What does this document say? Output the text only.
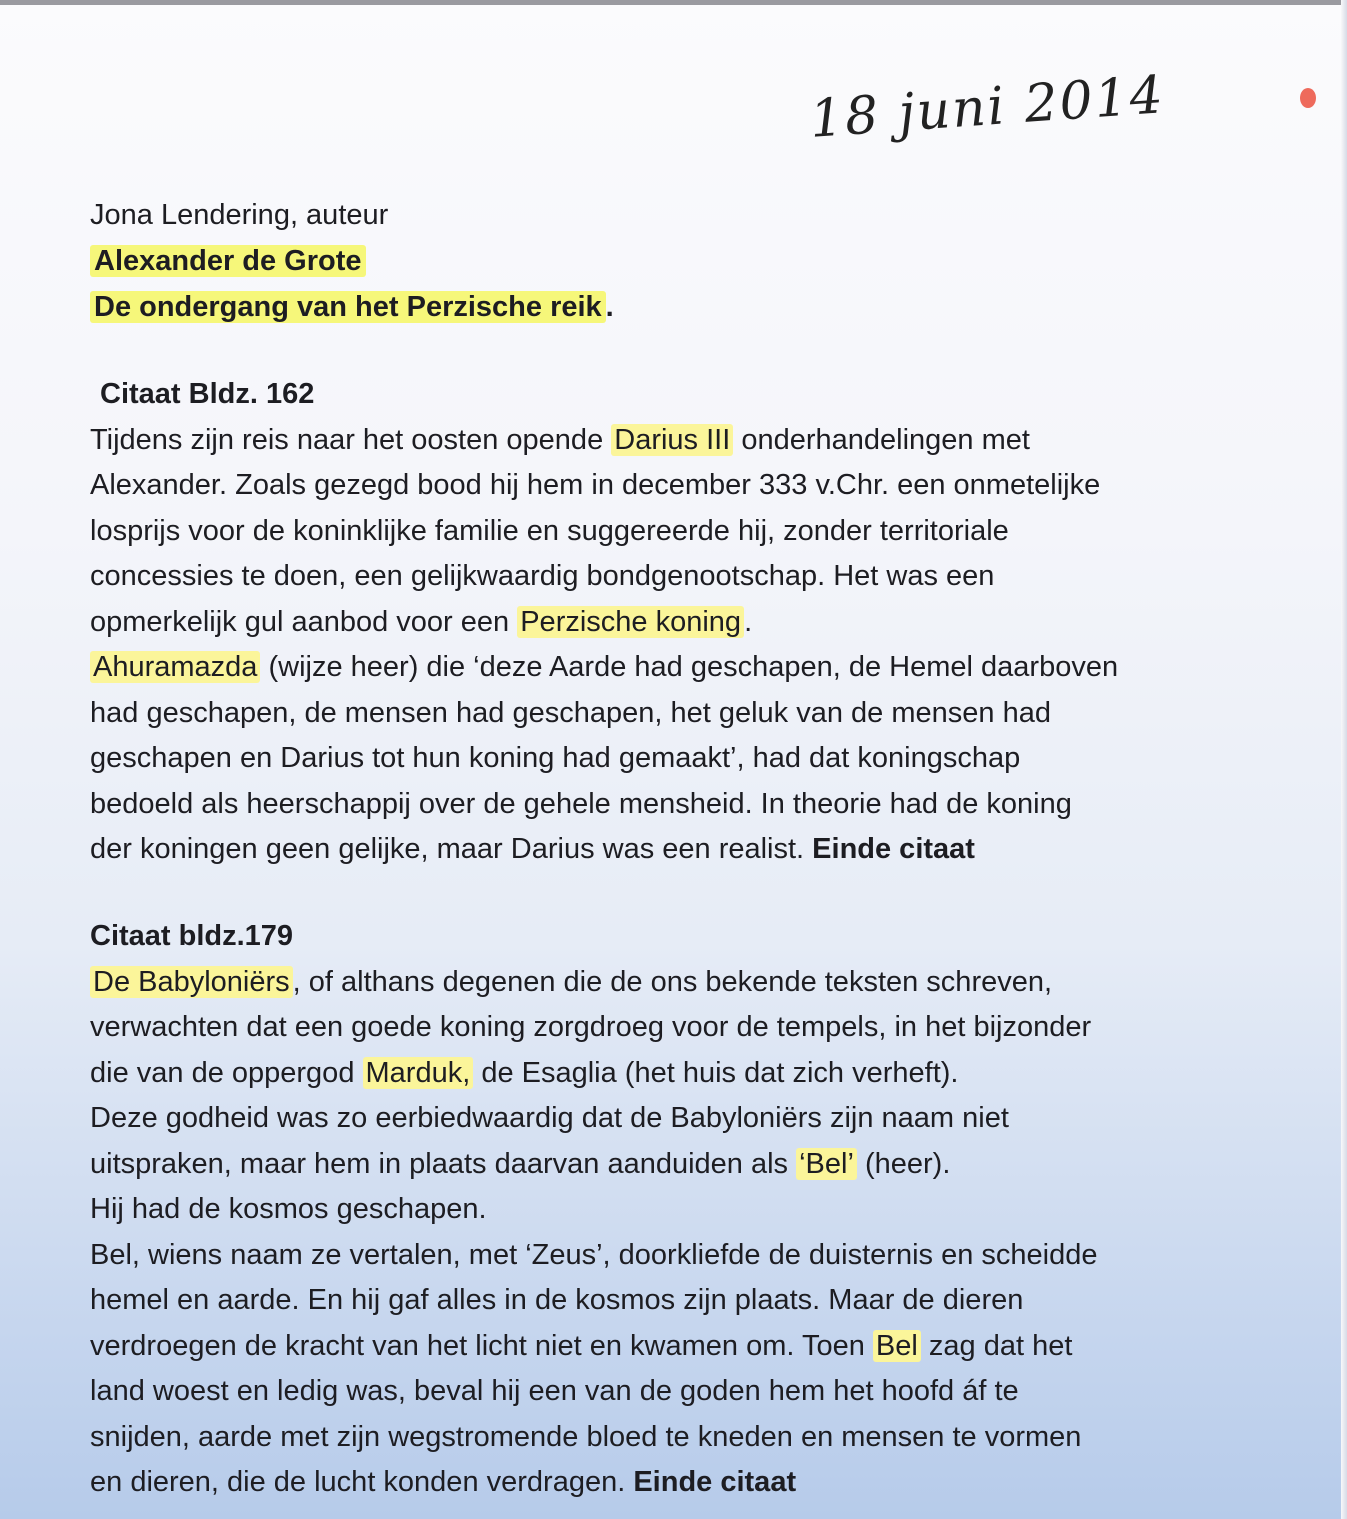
18 juni 2014
Jona Lendering, auteur
Alexander de Grote
De ondergang van het Perzische reik .
Citaat Bldz. 162
Tijdens zijn reis naar het oosten opende Darius III onderhandelingen met
Alexander. Zoals gezegd bood hij hem in december 333 v.Chr. een onmetelijke
losprijs voor de koninklijke familie en suggereerde hij, zonder territoriale
concessies te doen, een gelijkwaardig bondgenootschap. Het was een
opmerkelijk gul aanbod voor een Perzische koning .
Ahuramazda (wijze heer) die ‘deze Aarde had geschapen, de Hemel daarboven
had geschapen, de mensen had geschapen, het geluk van de mensen had
geschapen en Darius tot hun koning had gemaakt’, had dat koningschap
bedoeld als heerschappij over de gehele mensheid. In theorie had de koning
der koningen geen gelijke, maar Darius was een realist. Einde citaat
Citaat bldz.179
De Babyloniërs , of althans degenen die de ons bekende teksten schreven,
verwachten dat een goede koning zorgdroeg voor de tempels, in het bijzonder
die van de oppergod Marduk, de Esaglia (het huis dat zich verheft).
Deze godheid was zo eerbiedwaardig dat de Babyloniërs zijn naam niet
uitspraken, maar hem in plaats daarvan aanduiden als ‘Bel’ (heer).
Hij had de kosmos geschapen.
Bel, wiens naam ze vertalen, met ‘Zeus’, doorkliefde de duisternis en scheidde
hemel en aarde. En hij gaf alles in de kosmos zijn plaats. Maar de dieren
verdroegen de kracht van het licht niet en kwamen om. Toen Bel zag dat het
land woest en ledig was, beval hij een van de goden hem het hoofd áf te
snijden, aarde met zijn wegstromende bloed te kneden en mensen te vormen
en dieren, die de lucht konden verdragen. Einde citaat
